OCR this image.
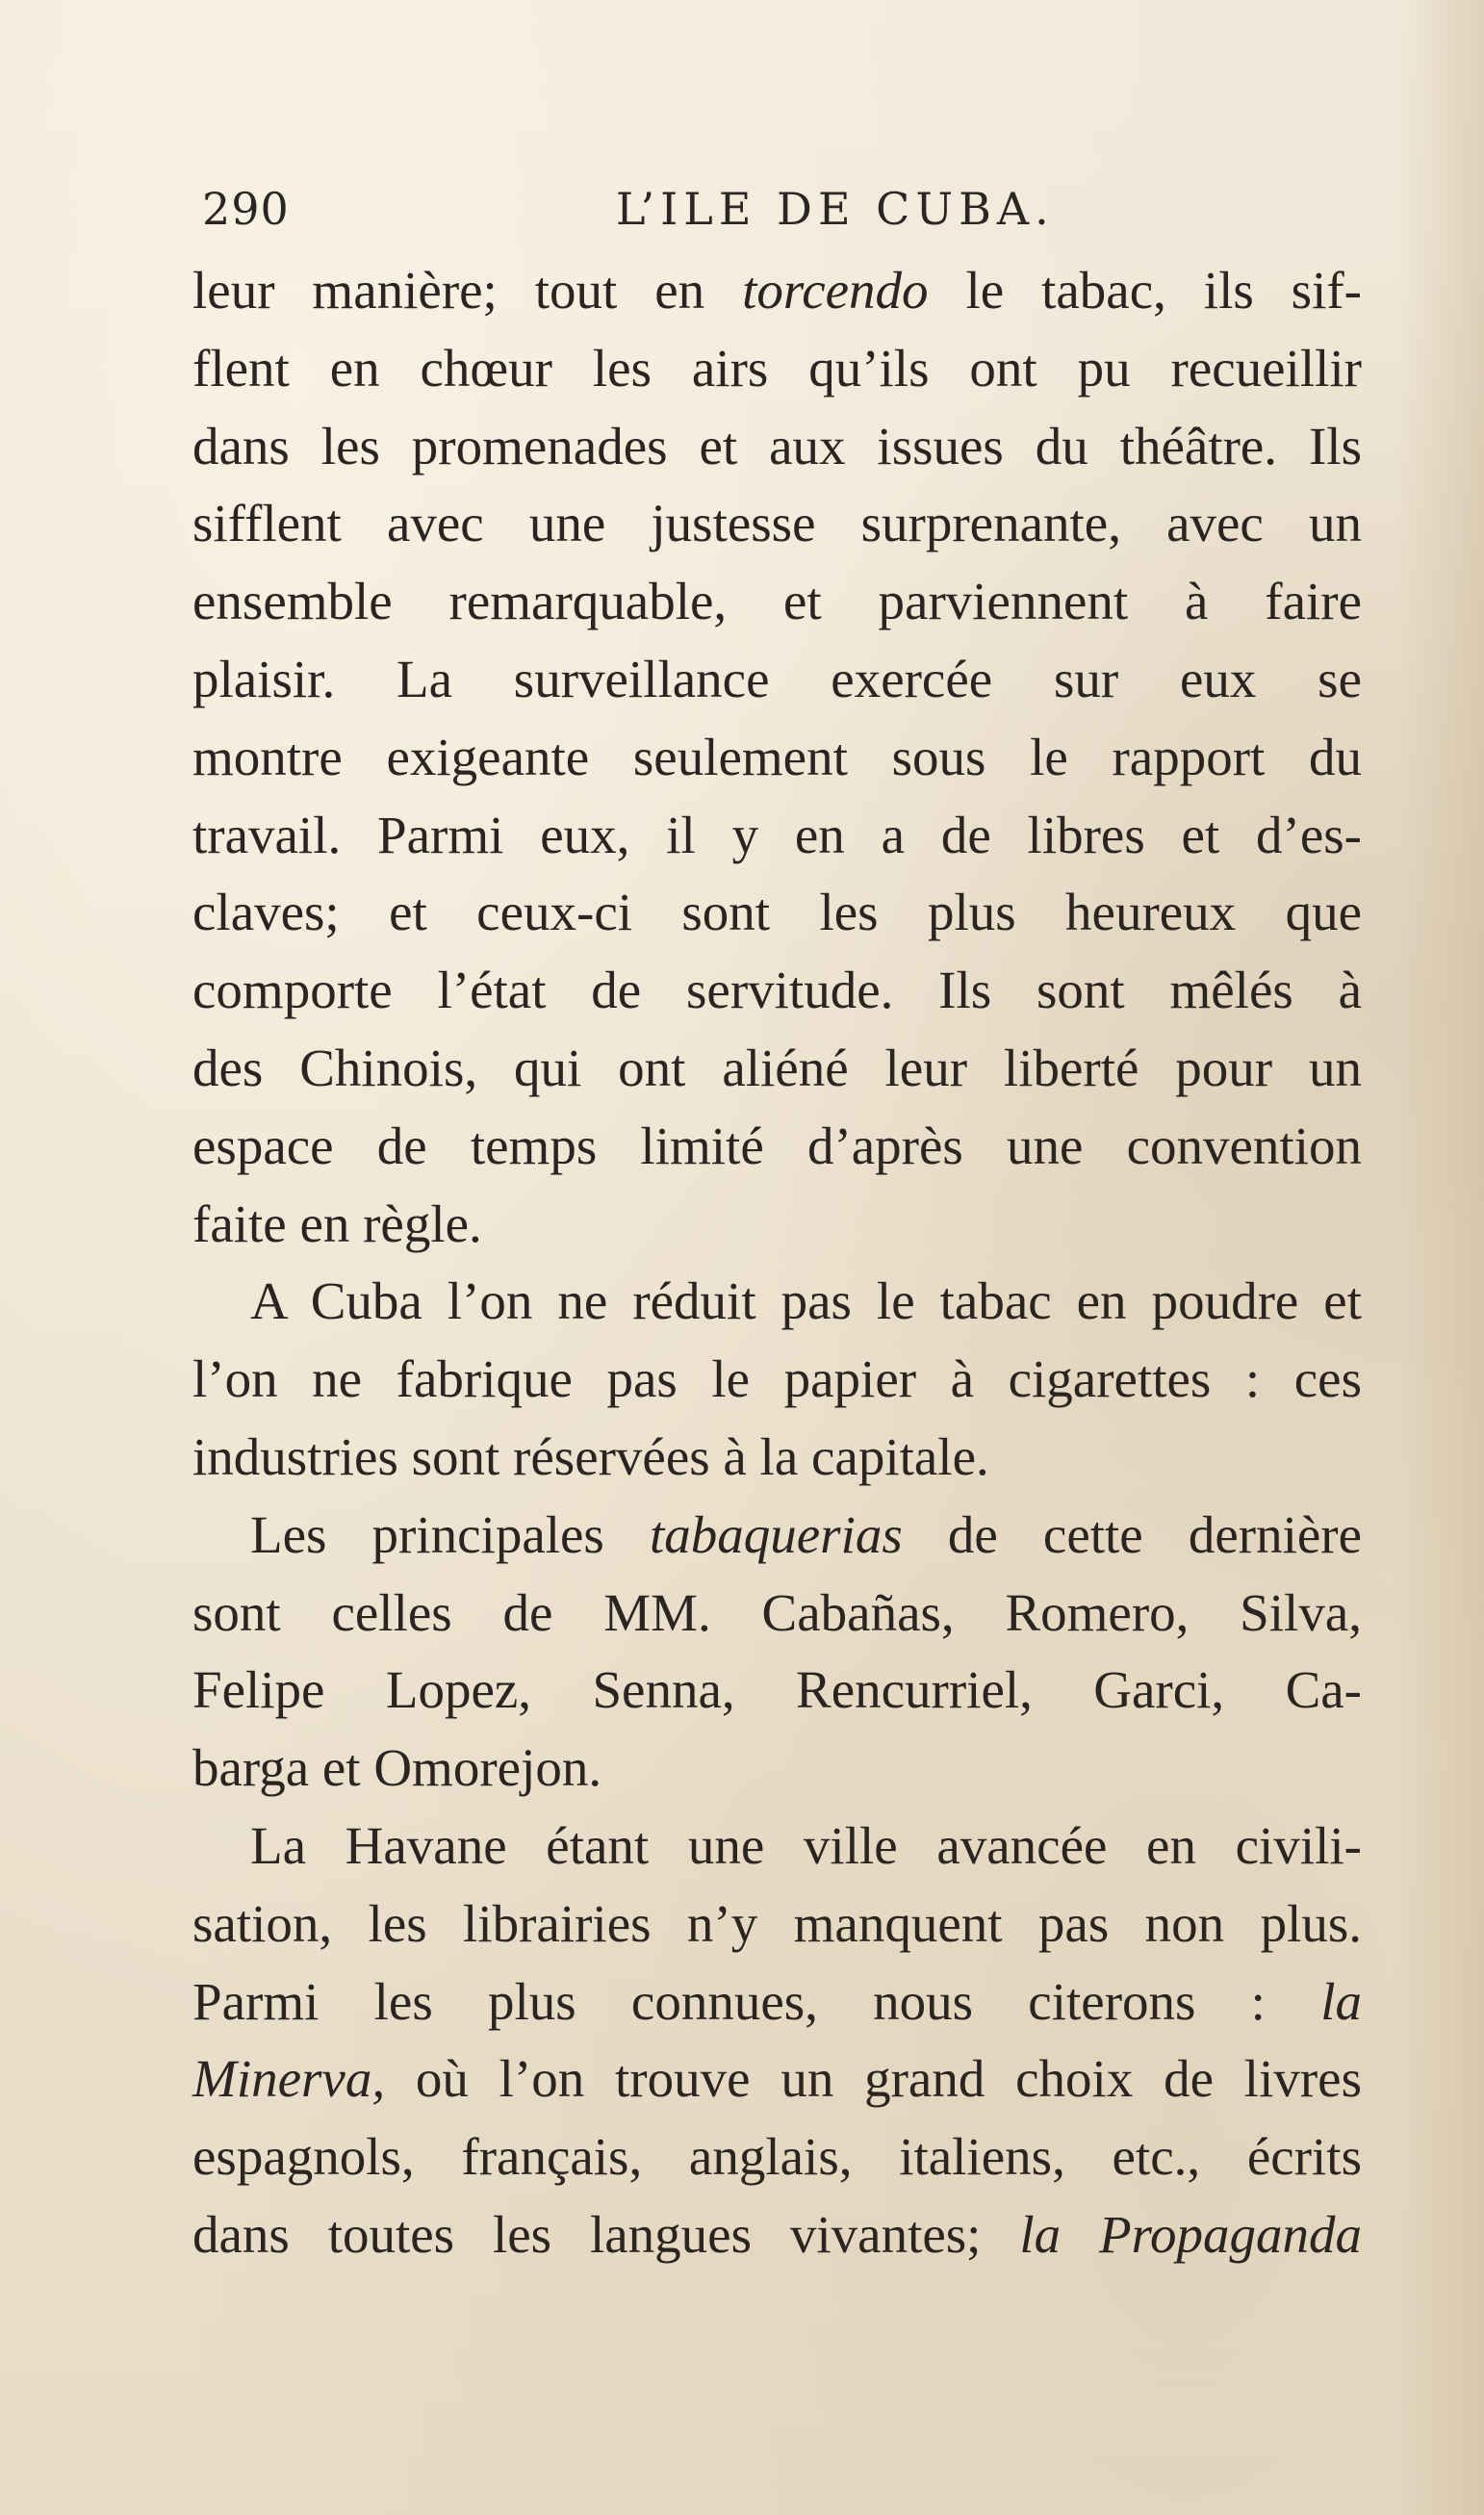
290	L’ILE DE CUBA.
leur manière; tout en torcendo le tabac, ils sif-
flent en chœur les airs qu’ils ont pu recueillir
dans les promenades et aux issues du théâtre. Ils
sifflent avec une justesse surprenante, avec un
ensemble remarquable, et parviennent à faire
plaisir. La surveillance exercée sur eux se
montre exigeante seulement sous le rapport du
travail. Parmi eux, il y en a de libres et d’es-
claves; et ceux-ci sont les plus heureux que
comporte l’état de servitude. Ils sont mêlés à
des Chinois, qui ont aliéné leur liberté pour un
espace de temps limité d’après une convention
faite en règle.
A Cuba l’on ne réduit pas le tabac en poudre et
l’on ne fabrique pas le papier à cigarettes : ces
industries sont réservées à la capitale.
Les principales tabaquerias de cette dernière
sont celles de MM. Cabañas, Romero, Silva,
Felipe Lopez, Senna, Rencurriel, Garci, Ca-
barga et Omorejon.
La Havane étant une ville avancée en civili-
sation, les librairies n’y manquent pas non plus.
Parmi les plus connues, nous citerons : la
Minerva, où l’on trouve un grand choix de livres
espagnols, français, anglais, italiens, etc., écrits
dans toutes les langues vivantes; la Propaganda
